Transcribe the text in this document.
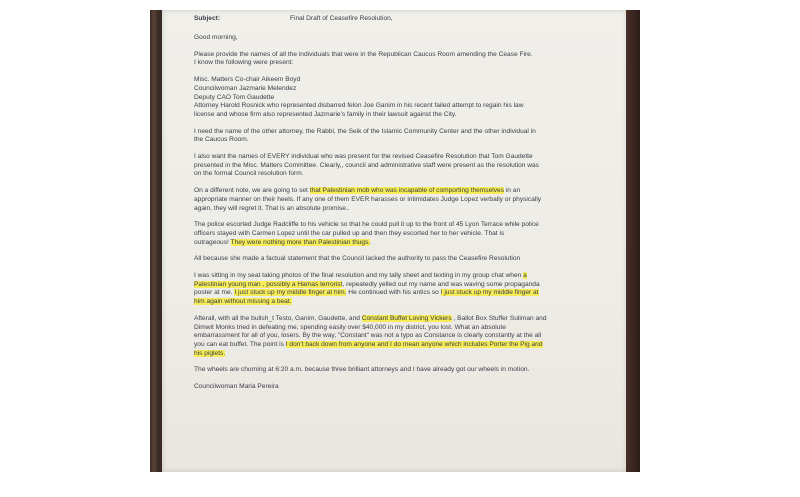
Subject:	Final Draft of Ceasefire Resolution,
Good morning,
Please provide the names of all the individuals that were in the Republican Caucus Room amending the Cease Fire.
I know the following were present:
Misc. Matters Co-chair Aikeem Boyd
Councilwoman Jazmarie Melendez
Deputy CAO Tom Gaudette
Attorney Harold Rosnick who represented disbarred felon Joe Ganim in his recent failed attempt to regain his law
license and whose firm also represented Jazmarie's family in their lawsuit against the City.
I need the name of the other attorney, the Rabbi, the Seik of the Islamic Community Center and the other individual in
the Caucus Room.
I also want the names of EVERY individual who was present for the revised Ceasefire Resolution that Tom Gaudette
presented in the Misc. Matters Committee. Clearly,, council and administrative staff were present as the resolution was
on the formal Council resolution form.
On a different note, we are going to set that Palestinian mob who was incapable of comporting themselves in an
appropriate manner on their heels. If any one of them EVER harasses or intimidates Judge Lopez verbally or physically
again, they will regret it. That is an absolute promise..
The police escorted Judge Radcliffe to his vehicle so that he could pull it up to the front of 45 Lyon Terrace while police
officers stayed with Carmen Lopez until the car pulled up and then they escorted her to her vehicle. That is
outrageous! They were nothing more than Palestinian thugs.
All because she made a factual statement that the Council lacked the authority to pass the Ceasefire Resolution
I was sitting in my seat taking photos of the final resolution and my tally sheet and texting in my group chat when a
Palestinian young man , possibly a Hamas terrorist, repeatedly yelled out my name and was waving some propaganda
poster at me. I just stuck up my middle finger at him. He continued with his antics so I just stuck up my middle finger at
him again without missing a beat.
Afterall, with all the bullsh_t Testo, Ganim, Gaudette, and Constant Buffet Loving Vickers , Ballot Box Stuffer Suliman and
Dimwit Monks tried in defeating me, spending easily over $40,000 in my district, you lost. What an absolute
embarrassment for all of you, losers. By the way, "Constant" was not a typo as Constance is clearly constantly at the all
you can eat buffet. The point is I don't back down from anyone and I do mean anyone which includes Porter the Pig and
his piglets.
The wheels are churning at 6:20 a.m. because three brilliant attorneys and I have already got our wheels in motion.
Councilwoman Maria Pereira
